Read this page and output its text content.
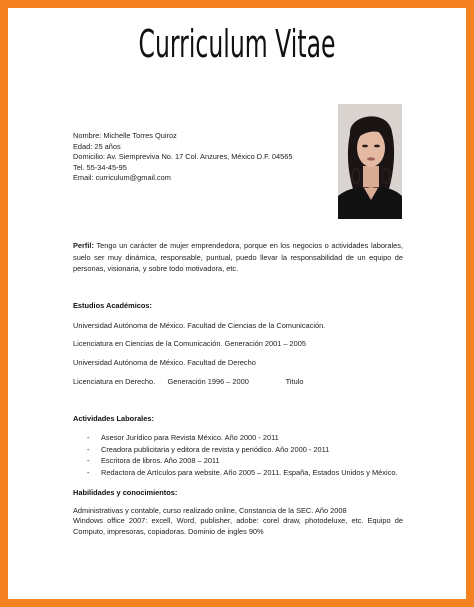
Curriculum Vitae
Nombre: Michelle Torres Quiroz
Edad: 25 años
Domicilio: Av. Siempreviva No. 17 Col. Anzures, México D.F. 04565
Tel. 55-34-45-95
Email: curriculum@gmail.com
Perfil: Tengo un carácter de mujer emprendedora, porque en los negocios o actividades laborales, suelo ser muy dinámica, responsable, puntual, puedo llevar la responsabilidad de un equipo de personas, visionaria, y sobre todo motivadora, etc.
Estudios Académicos:
Universidad Autónoma de México. Facultad de Ciencias de la Comunicación.
Licenciatura en Ciencias de la Comunicación. Generación 2001 – 2005
Universidad Autónoma de México. Facultad de Derecho
Licenciatura en Derecho.      Generación 1996 – 2000                  Titulo
Actividades Laborales:
- Asesor Jurídico para Revista México. Año 2000 - 2011
- Creadora publicitaria y editora de revista y periódico. Año 2000 - 2011
- Escritora de libros. Año 2008 – 2011
- Redactora de Artículos para website. Año 2005 – 2011. España, Estados Unidos y México.
Habilidades y conocimientos:
Administrativas y contable, curso realizado online, Constancia de la SEC. Año 2008
Windows office 2007: excell, Word, publisher, adobe: corel draw, photodeluxe, etc. Equipo de Computo, impresoras, copiadoras. Dominio de ingles 90%
